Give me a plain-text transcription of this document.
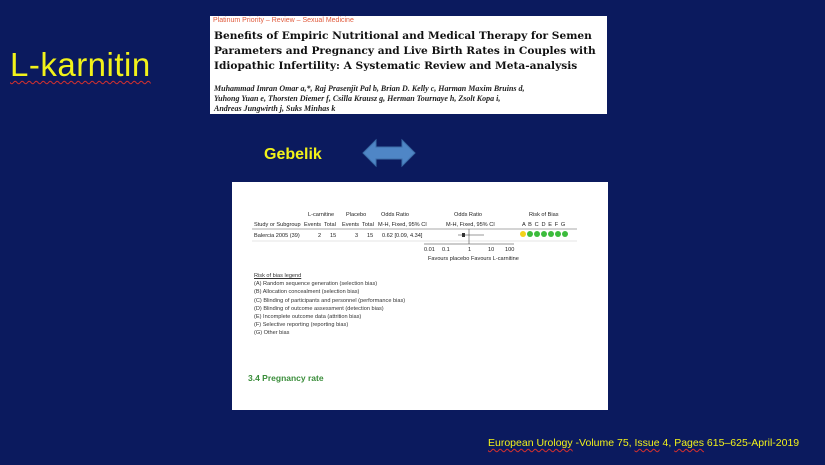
L-karnitin
Platinum Priority – Review – Sexual Medicine
Benefits of Empiric Nutritional and Medical Therapy for Semen
Parameters and Pregnancy and Live Birth Rates in Couples with
Idiopathic Infertility: A Systematic Review and Meta-analysis
Muhammad Imran Omar a,*, Raj Prasenjit Pal b, Brian D. Kelly c, Harman Maxim Bruins d,
Yuhong Yuan e, Thorsten Diemer f, Csilla Krausz g, Herman Tournaye h, Zsolt Kopa i,
Andreas Jungwirth j, Suks Minhas k
Gebelik
L-carnitine Placebo	Odds Ratio	Odds Ratio	Risk of Bias
Study or Subgroup Events Total Events Total M-H, Fixed, 95% CI	M-H, Fixed, 95% CI	A B C D E F G
Balercia 2005 (39)	2 15	3 15 0.62 [0.09, 4.34]
0.01 0.1	1	10 100
Favours placebo Favours L-carnitine
Risk of bias legend
(A) Random sequence generation (selection bias)
(B) Allocation concealment (selection bias)
(C) Blinding of participants and personnel (performance bias)
(D) Blinding of outcome assessment (detection bias)
(E) Incomplete outcome data (attrition bias)
(F) Selective reporting (reporting bias)
(G) Other bias
3.4 Pregnancy rate
European Urology -Volume 75, Issue 4, Pages 615–625-April-2019
